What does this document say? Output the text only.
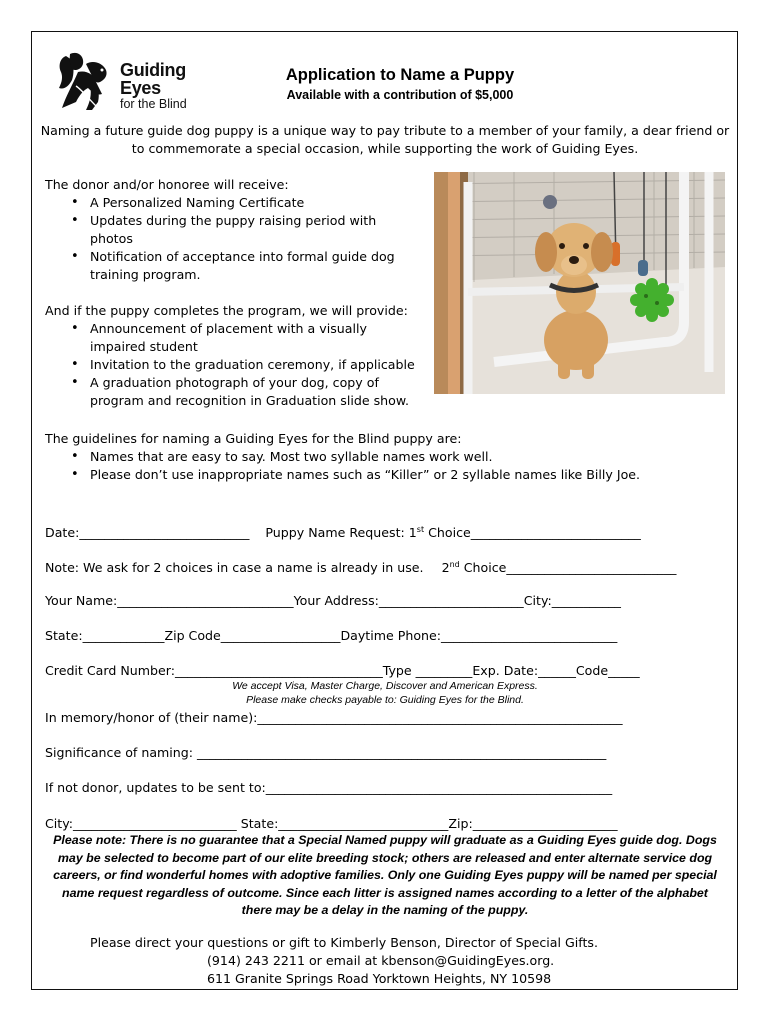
Guiding
Eyes
for the Blind
Application to Name a Puppy
Available with a contribution of $5,000
Naming a future guide dog puppy is a unique way to pay tribute to a member of your family, a dear friend or to commemorate a special occasion, while supporting the work of Guiding Eyes.
The donor and/or honoree will receive:
• A Personalized Naming Certificate
• Updates during the puppy raising period with photos
• Notification of acceptance into formal guide dog training program.
And if the puppy completes the program, we will provide:
• Announcement of placement with a visually impaired student
• Invitation to the graduation ceremony, if applicable
• A graduation photograph of your dog, copy of program and recognition in Graduation slide show.
The guidelines for naming a Guiding Eyes for the Blind puppy are:
• Names that are easy to say. Most two syllable names work well.
• Please don’t use inappropriate names such as “Killer” or 2 syllable names like Billy Joe.
Date:___________________________ Puppy Name Request: 1st Choice___________________________
Note: We ask for 2 choices in case a name is already in use. 2nd Choice___________________________
Your Name:____________________________Your Address:_______________________City:___________
State:_____________Zip Code___________________Daytime Phone:____________________________
Credit Card Number:_________________________________Type _________Exp. Date:______Code_____
We accept Visa, Master Charge, Discover and American Express.
Please make checks payable to: Guiding Eyes for the Blind.
In memory/honor of (their name):__________________________________________________________
Significance of naming: _________________________________________________________________
If not donor, updates to be sent to:_______________________________________________________
City:__________________________ State:___________________________Zip:_______________________
Please note: There is no guarantee that a Special Named puppy will graduate as a Guiding Eyes guide dog. Dogs may be selected to become part of our elite breeding stock; others are released and enter alternate service dog careers, or find wonderful homes with adoptive families. Only one Guiding Eyes puppy will be named per special name request regardless of outcome. Since each litter is assigned names according to a letter of the alphabet there may be a delay in the naming of the puppy.
Please direct your questions or gift to Kimberly Benson, Director of Special Gifts.
(914) 243 2211 or email at kbenson@GuidingEyes.org.
611 Granite Springs Road Yorktown Heights, NY 10598
